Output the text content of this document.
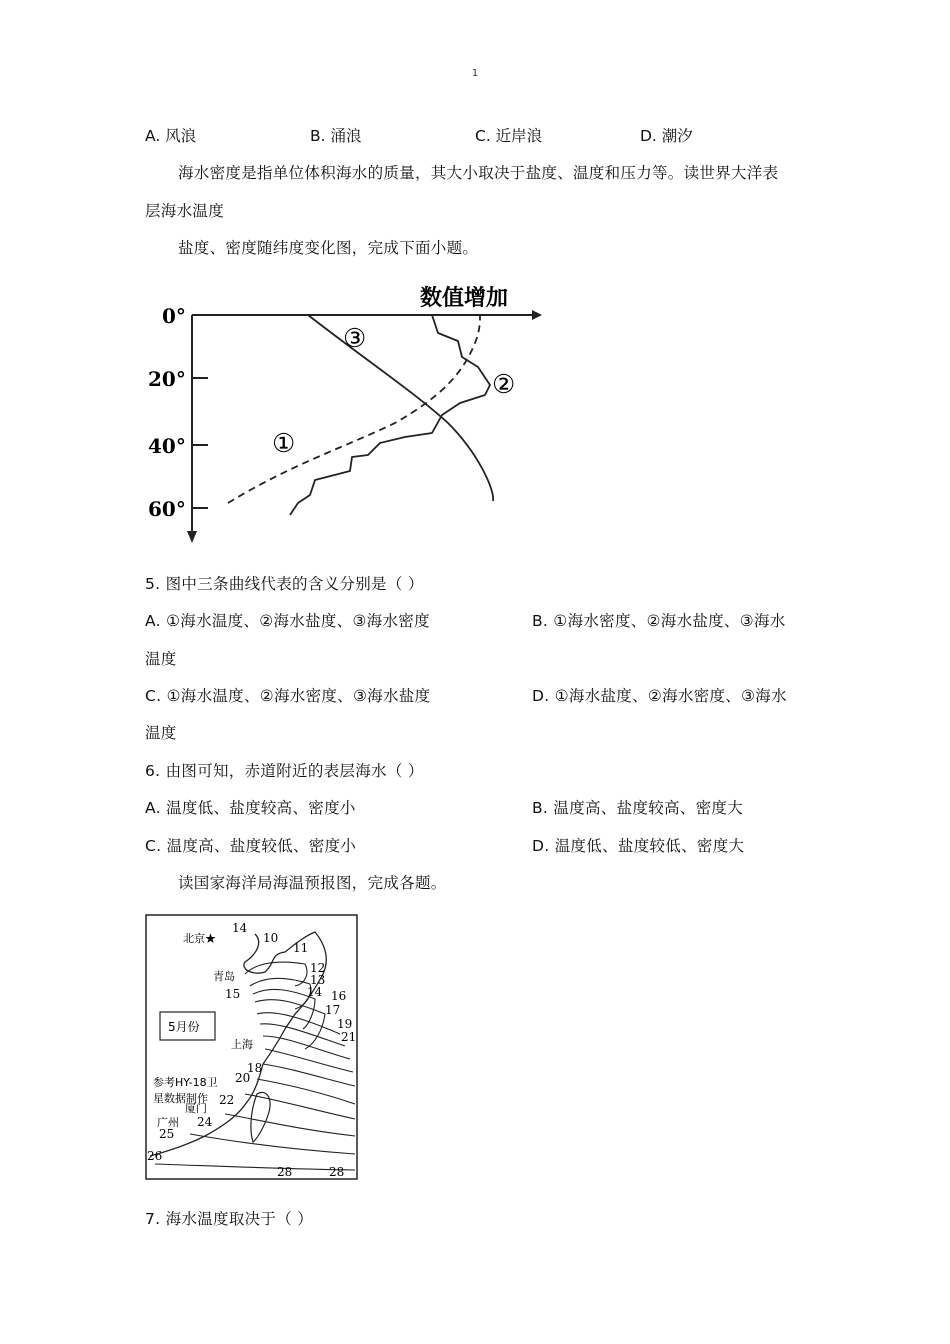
1
A. 风浪	B. 涌浪	C. 近岸浪	D. 潮汐
海水密度是指单位体积海水的质量，其大小取决于盐度、温度和压力等。读世界大洋表
层海水温度
盐度、密度随纬度变化图，完成下面小题。
数值增加
0°
20°
40°
60°
①
②
③
5. 图中三条曲线代表的含义分别是（ ）
A. ①海水温度、②海水盐度、③海水密度	B. ①海水密度、②海水盐度、③海水
温度
C. ①海水温度、②海水密度、③海水盐度	D. ①海水盐度、②海水密度、③海水
温度
6. 由图可知，赤道附近的表层海水（ ）
A. 温度低、盐度较高、密度小	B. 温度高、盐度较高、密度大
C. 温度高、盐度较低、密度小	D. 温度低、盐度较低、密度大
读国家海洋局海温预报图，完成各题。
5月份
参考HY-18卫
星数据制作
北京★
青岛
上海
厦门
广州
14
10
11
12
13
14
15	16
17
19
21
18
20
22
24
25
26
28	28
7. 海水温度取决于（ ）
